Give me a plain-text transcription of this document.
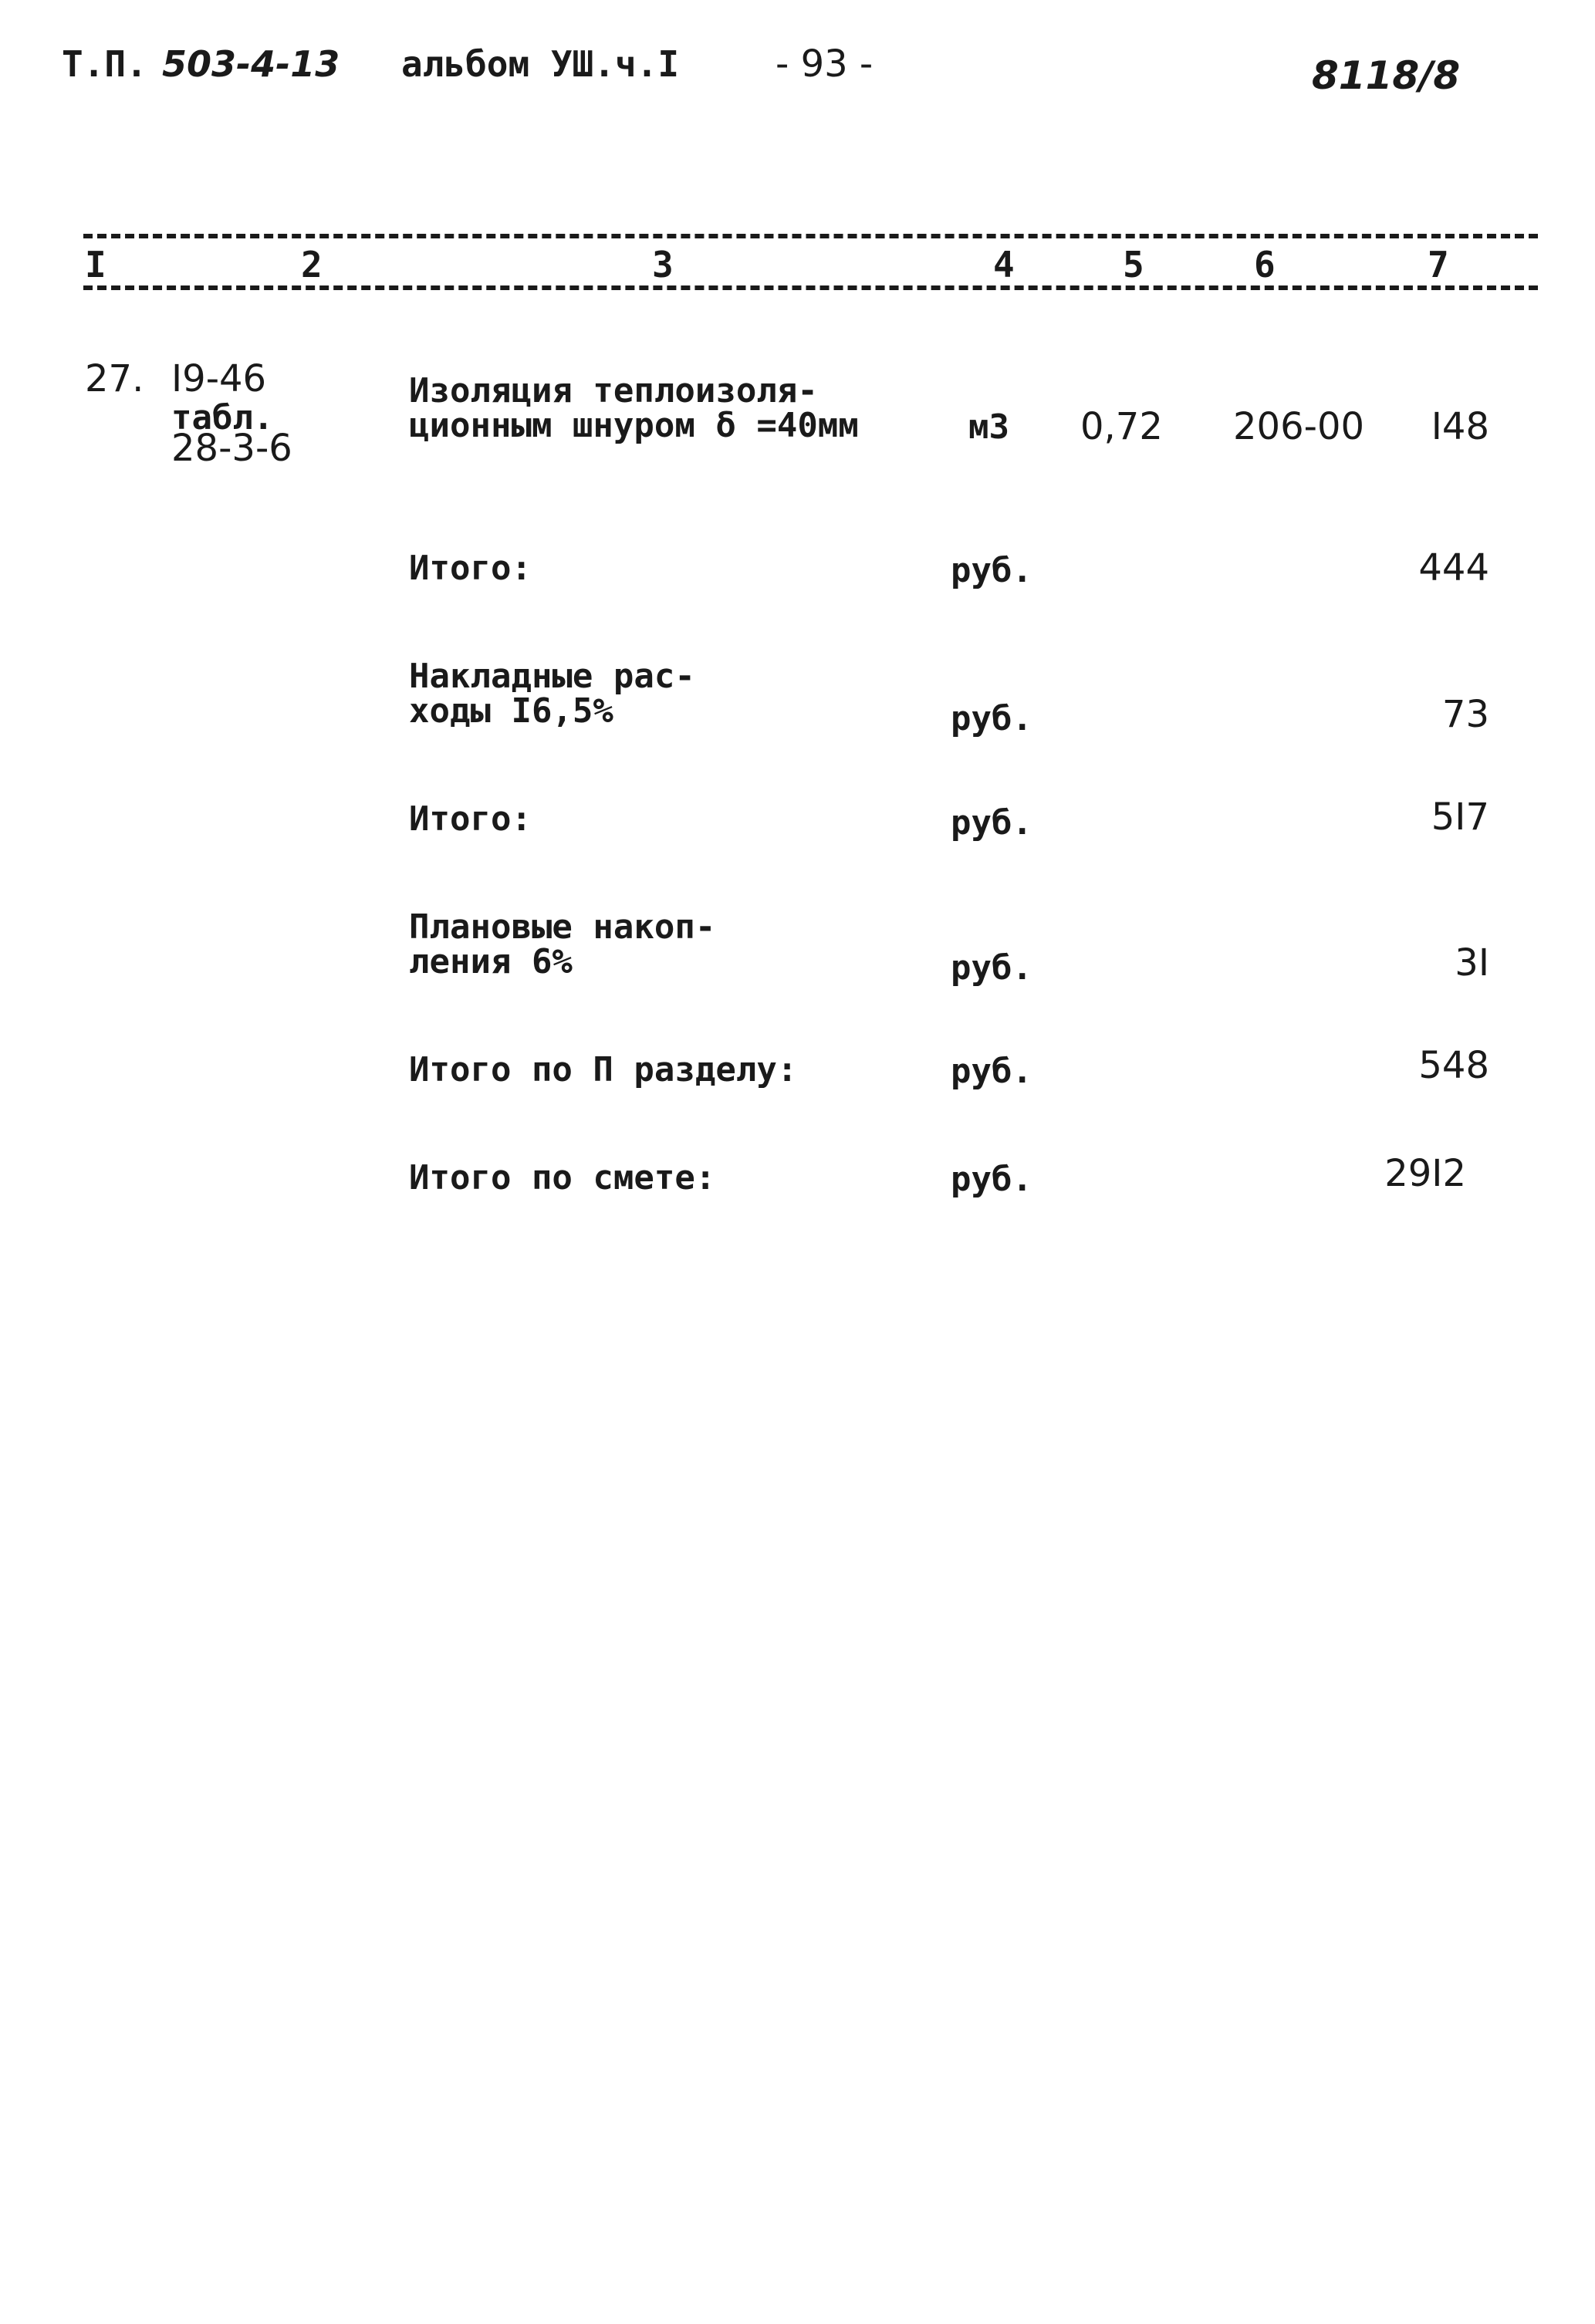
Т.П. 503-4-13 альбом УШ.ч.I	- 93 -	8118/8
I	2	3	4	5	6	7
27. I9-46
табл.
28-3-6
Изоляция теплоизоля-
ционным шнуром δ =40мм	м3 0,72 206-00	I48
Итого:	руб.	444
Накладные рас-
ходы I6,5%	руб.	73
Итого:	руб.	5I7
Плановые накоп-
ления 6%	руб.	3I
Итого по П разделу:	руб.	548
Итого по смете:	руб.	29I2
